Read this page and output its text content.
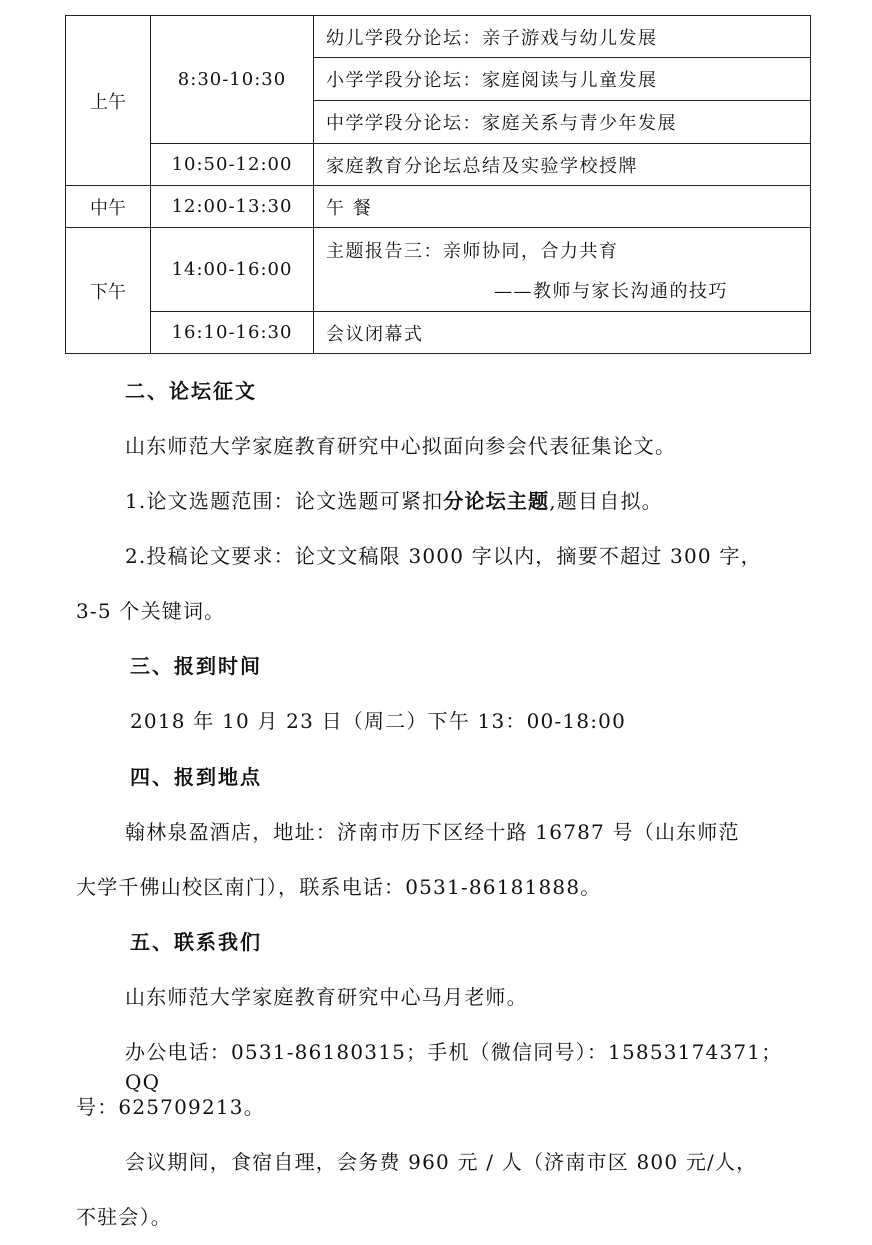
上午	8:30-10:30	幼儿学段分论坛：亲子游戏与幼儿发展
		小学学段分论坛：家庭阅读与儿童发展
		中学学段分论坛：家庭关系与青少年发展
	10:50-12:00	家庭教育分论坛总结及实验学校授牌
中午	12:00-13:30	午 餐
下午	14:00-16:00	主题报告三：亲师协同，合力共育
——教师与家长沟通的技巧

	16:10-16:30	会议闭幕式
二、论坛征文
山东师范大学家庭教育研究中心拟面向参会代表征集论文。
1.论文选题范围：论文选题可紧扣分论坛主题,题目自拟。
2.投稿论文要求：论文文稿限 3000 字以内，摘要不超过 300 字，
3-5 个关键词。
三、报到时间
2018 年 10 月 23 日（周二）下午 13：00-18:00
四、报到地点
翰林泉盈酒店，地址：济南市历下区经十路 16787 号（山东师范
大学千佛山校区南门），联系电话：0531-86181888。
五、联系我们
山东师范大学家庭教育研究中心马月老师。
办公电话：0531-86180315；手机（微信同号）：15853174371； QQ
号：625709213。
会议期间，食宿自理，会务费 960 元 / 人（济南市区 800 元/人，
不驻会）。
